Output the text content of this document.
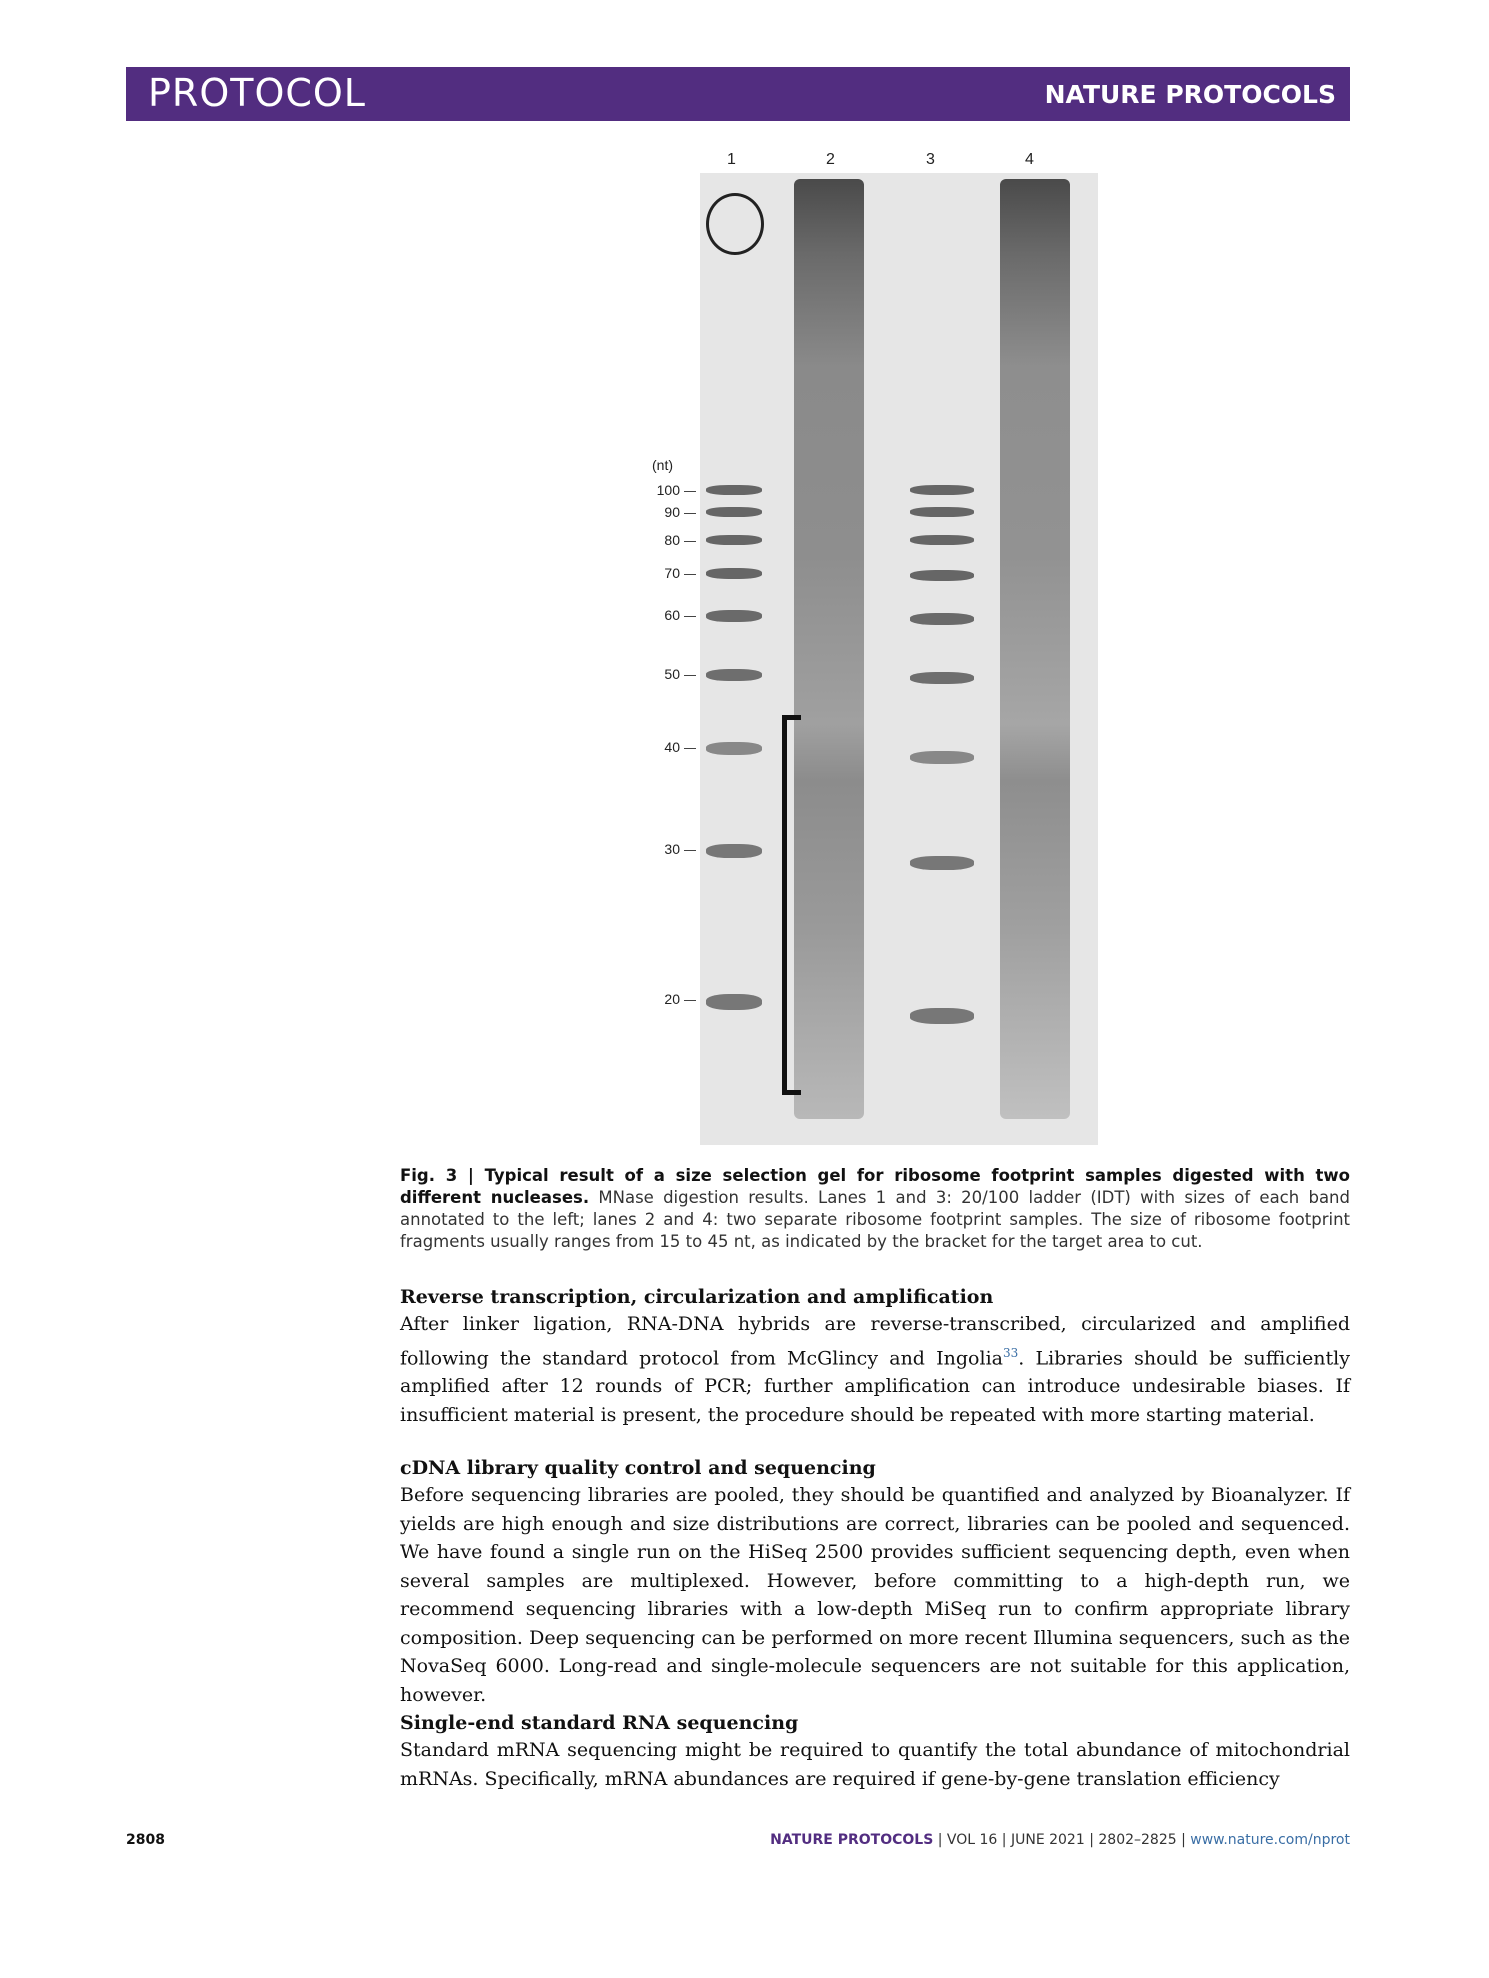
PROTOCOL	NATURE PROTOCOLS
1	2	3	4
(nt)
100
90
80
70
60
50
40
30
20
Fig. 3 | Typical result of a size selection gel for ribosome footprint samples digested with two different nucleases. MNase digestion results. Lanes 1 and 3: 20/100 ladder (IDT) with sizes of each band annotated to the left; lanes 2 and 4: two separate ribosome footprint samples. The size of ribosome footprint fragments usually ranges from 15 to 45 nt, as indicated by the bracket for the target area to cut.
Reverse transcription, circularization and amplification

After linker ligation, RNA-DNA hybrids are reverse-transcribed, circularized and amplified following the standard protocol from McGlincy and Ingolia$^{33}$. Libraries should be sufficiently amplified after 12 rounds of PCR; further amplification can introduce undesirable biases. If insufficient material is present, the procedure should be repeated with more starting material.

cDNA library quality control and sequencing

Before sequencing libraries are pooled, they should be quantified and analyzed by Bioanalyzer. If yields are high enough and size distributions are correct, libraries can be pooled and sequenced. We have found a single run on the HiSeq 2500 provides sufficient sequencing depth, even when several samples are multiplexed. However, before committing to a high-depth run, we recommend sequencing libraries with a low-depth MiSeq run to confirm appropriate library composition. Deep sequencing can be performed on more recent Illumina sequencers, such as the NovaSeq 6000. Long-read and single-molecule sequencers are not suitable for this application, however.

Single-end standard RNA sequencing

Standard mRNA sequencing might be required to quantify the total abundance of mitochondrial mRNAs. Specifically, mRNA abundances are required if gene-by-gene translation efficiency

2808	NATURE PROTOCOLS | VOL 16 | JUNE 2021 | 2802–2825 | www.nature.com/nprot
